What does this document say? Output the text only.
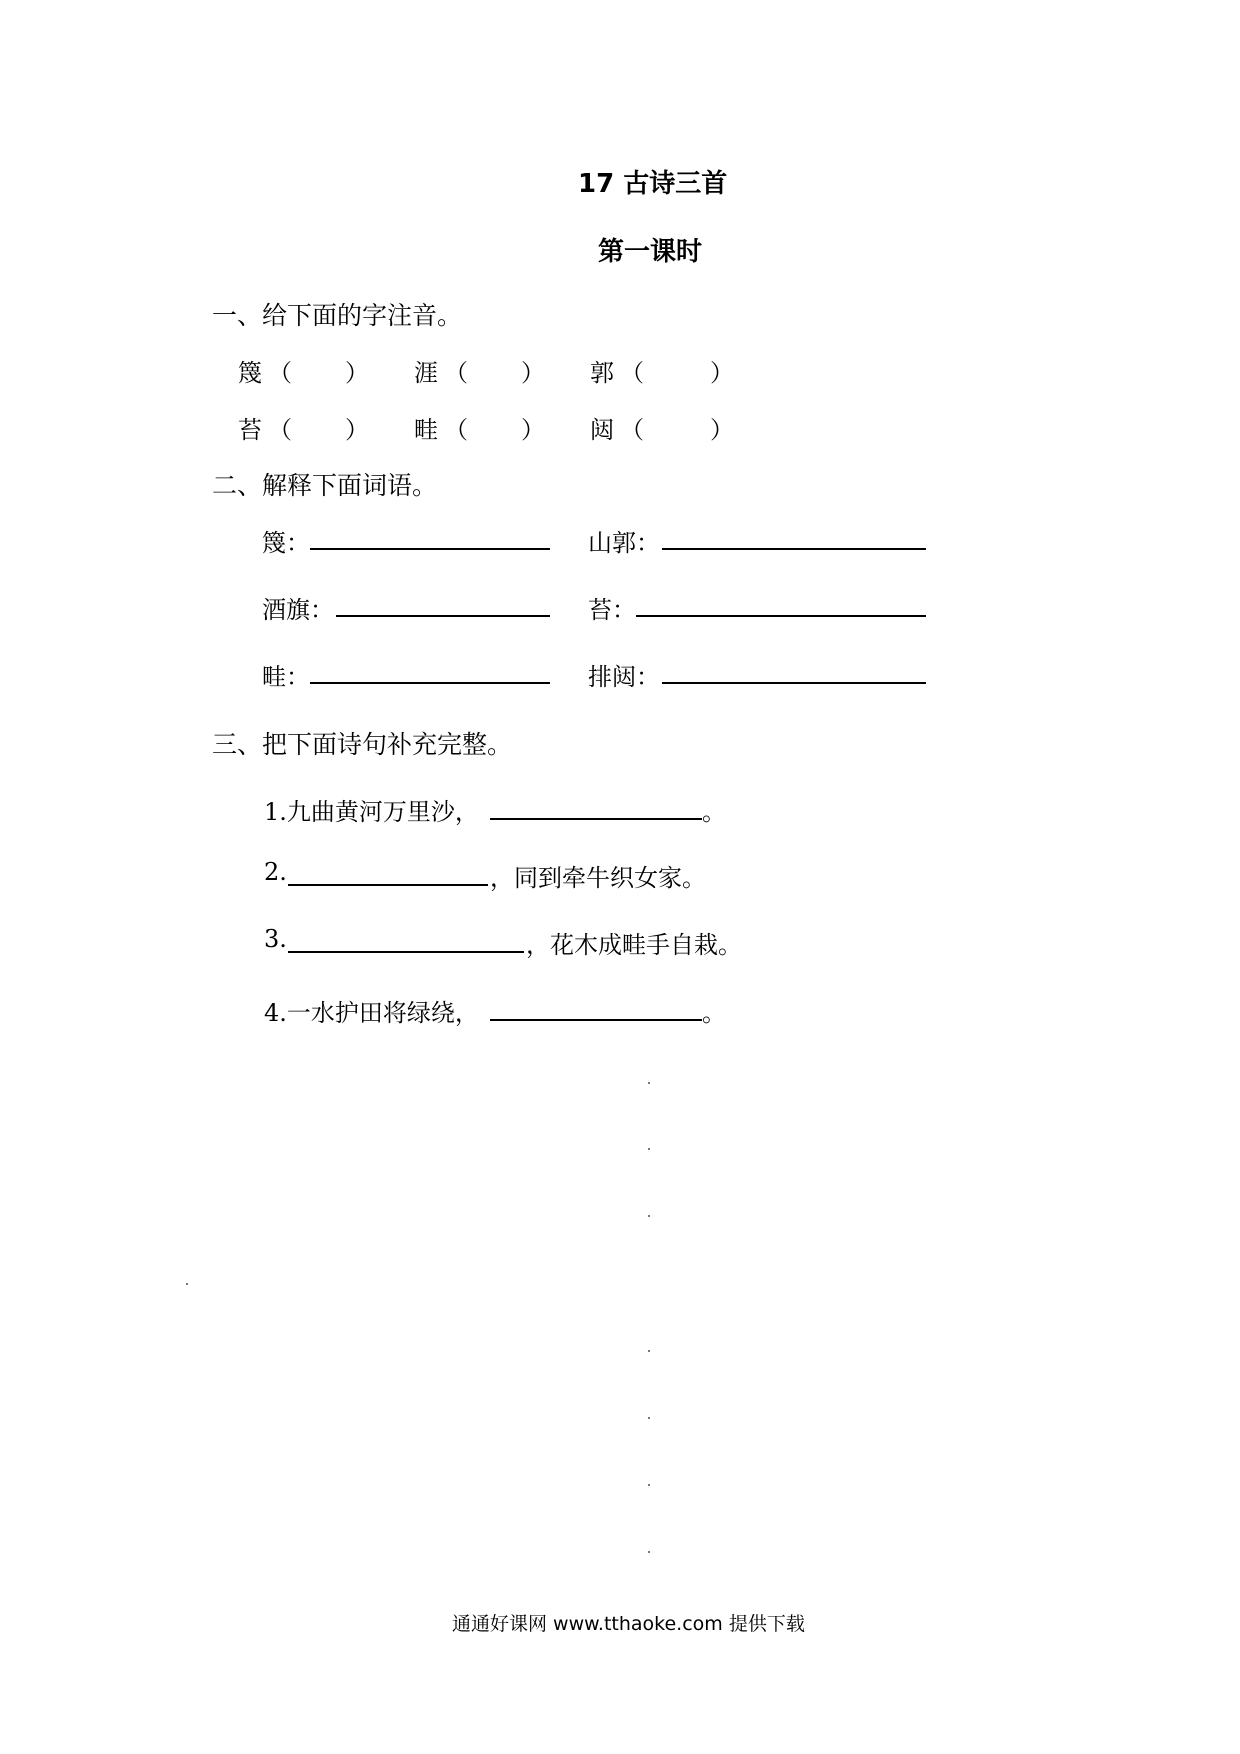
17 古诗三首
第一课时
一、给下面的字注音。
篾 （ ） 涯 （ ） 郭 （	）
苔 （ ） 畦 （ ） 闼 （	）
二、解释下面词语。
篾：	山郭：
酒旗：	苔：
畦：	排闼：
三、把下面诗句补充完整。
1.九曲黄河万里沙，	。
2.	，同到牵牛织女家。
3.	，花木成畦手自栽。
4.一水护田将绿绕，	。
通通好课网 www.tthaoke.com 提供下载
